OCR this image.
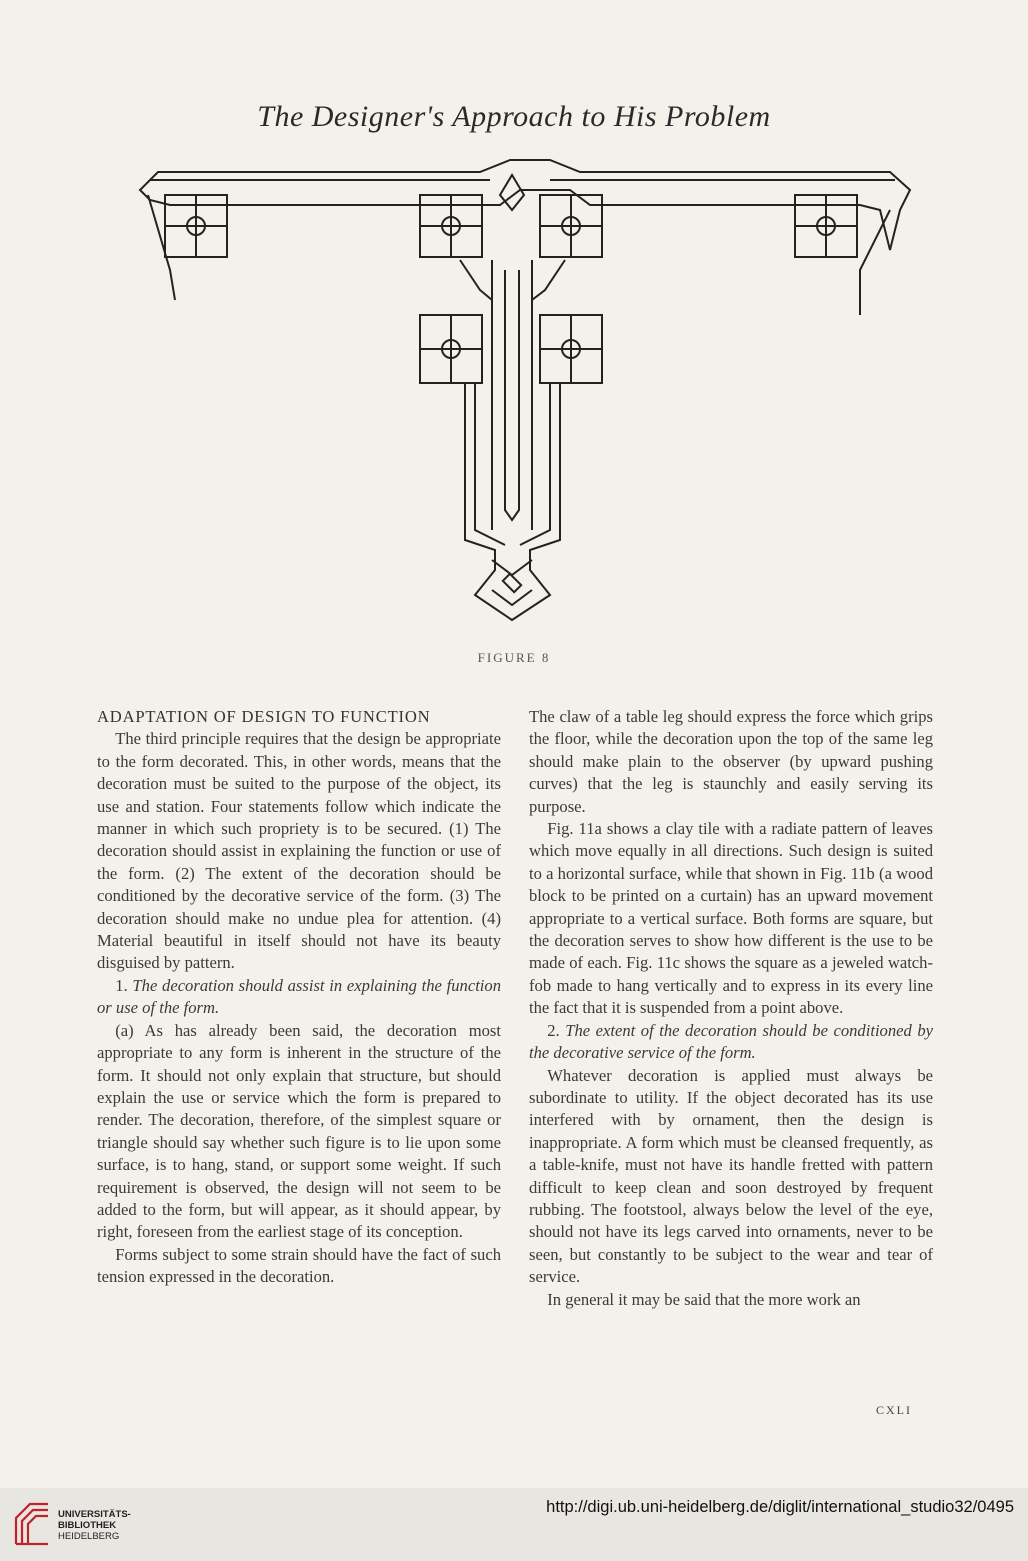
The Designer's Approach to His Problem
FIGURE 8
ADAPTATION OF DESIGN TO FUNCTION

The third principle requires that the design be appropriate to the form decorated. This, in other words, means that the decoration must be suited to the purpose of the object, its use and station. Four statements follow which indicate the manner in which such propriety is to be secured. (1) The decoration should assist in explaining the function or use of the form. (2) The extent of the decoration should be conditioned by the decorative service of the form. (3) The decoration should make no undue plea for attention. (4) Material beautiful in itself should not have its beauty disguised by pattern.

1. The decoration should assist in explaining the function or use of the form.

(a) As has already been said, the decoration most appropriate to any form is inherent in the structure of the form. It should not only explain that structure, but should explain the use or service which the form is prepared to render. The decoration, therefore, of the simplest square or triangle should say whether such figure is to lie upon some surface, is to hang, stand, or support some weight. If such requirement is observed, the design will not seem to be added to the form, but will appear, as it should appear, by right, foreseen from the earliest stage of its conception.

Forms subject to some strain should have the fact of such tension expressed in the decoration.

The claw of a table leg should express the force which grips the floor, while the decoration upon the top of the same leg should make plain to the observer (by upward pushing curves) that the leg is staunchly and easily serving its purpose.

Fig. 11a shows a clay tile with a radiate pattern of leaves which move equally in all directions. Such design is suited to a horizontal surface, while that shown in Fig. 11b (a wood block to be printed on a curtain) has an upward movement appropriate to a vertical surface. Both forms are square, but the decoration serves to show how different is the use to be made of each. Fig. 11c shows the square as a jeweled watch-fob made to hang vertically and to express in its every line the fact that it is suspended from a point above.

2. The extent of the decoration should be conditioned by the decorative service of the form.

Whatever decoration is applied must always be subordinate to utility. If the object decorated has its use interfered with by ornament, then the design is inappropriate. A form which must be cleansed frequently, as a table-knife, must not have its handle fretted with pattern difficult to keep clean and soon destroyed by frequent rubbing. The footstool, always below the level of the eye, should not have its legs carved into ornaments, never to be seen, but constantly to be subject to the wear and tear of service.

In general it may be said that the more work an

CXLI
UNIVERSITÄTS-
BIBLIOTHEK
HEIDELBERG
http://digi.ub.uni-heidelberg.de/diglit/international_studio32/0495
